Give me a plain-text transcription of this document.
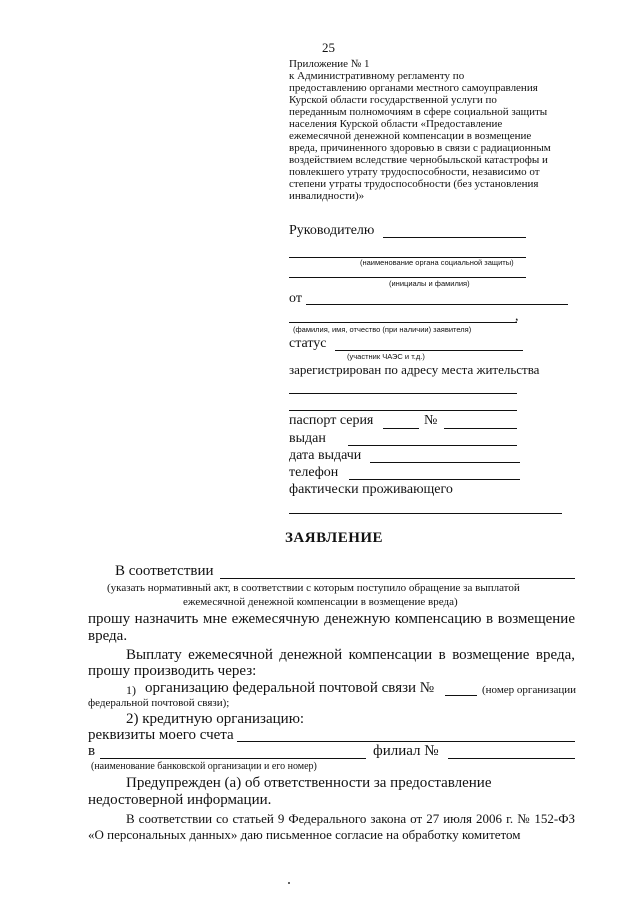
25
Приложение № 1
к Административному регламенту по
предоставлению органами местного самоуправления
Курской области государственной услуги по
переданным полномочиям в сфере социальной защиты
населения Курской области «Предоставление
ежемесячной денежной компенсации в возмещение
вреда, причиненного здоровью в связи с радиационным
воздействием вследствие чернобыльской катастрофы и
повлекшего утрату трудоспособности, независимо от
степени утраты трудоспособности (без установления
инвалидности)»
Руководителю
(наименование органа социальной защиты)
(инициалы и фамилия)
от
,
(фамилия, имя, отчество (при наличии) заявителя)
статус
(участник ЧАЭС и т.д.)
зарегистрирован по адресу места жительства
паспорт серия	№
выдан
дата выдачи
телефон
фактически проживающего
ЗАЯВЛЕНИЕ
В соответствии
(указать нормативный акт, в соответствии с которым поступило обращение за выплатой
ежемесячной денежной компенсации в возмещение вреда)
прошу назначить мне ежемесячную денежную компенсацию в возмещение
вреда.
Выплату ежемесячной денежной компенсации в возмещение вреда,
прошу производить через:
1) организацию федеральной почтовой связи №	(номер организации
федеральной почтовой связи);
2) кредитную организацию:
реквизиты моего счета
в	филиал №
(наименование банковской организации и его номер)
Предупрежден (а) об ответственности за предоставление
недостоверной информации.
В соответствии со статьей 9 Федерального закона от 27 июля 2006 г. № 152-ФЗ
«О персональных данных» даю письменное согласие на обработку комитетом
